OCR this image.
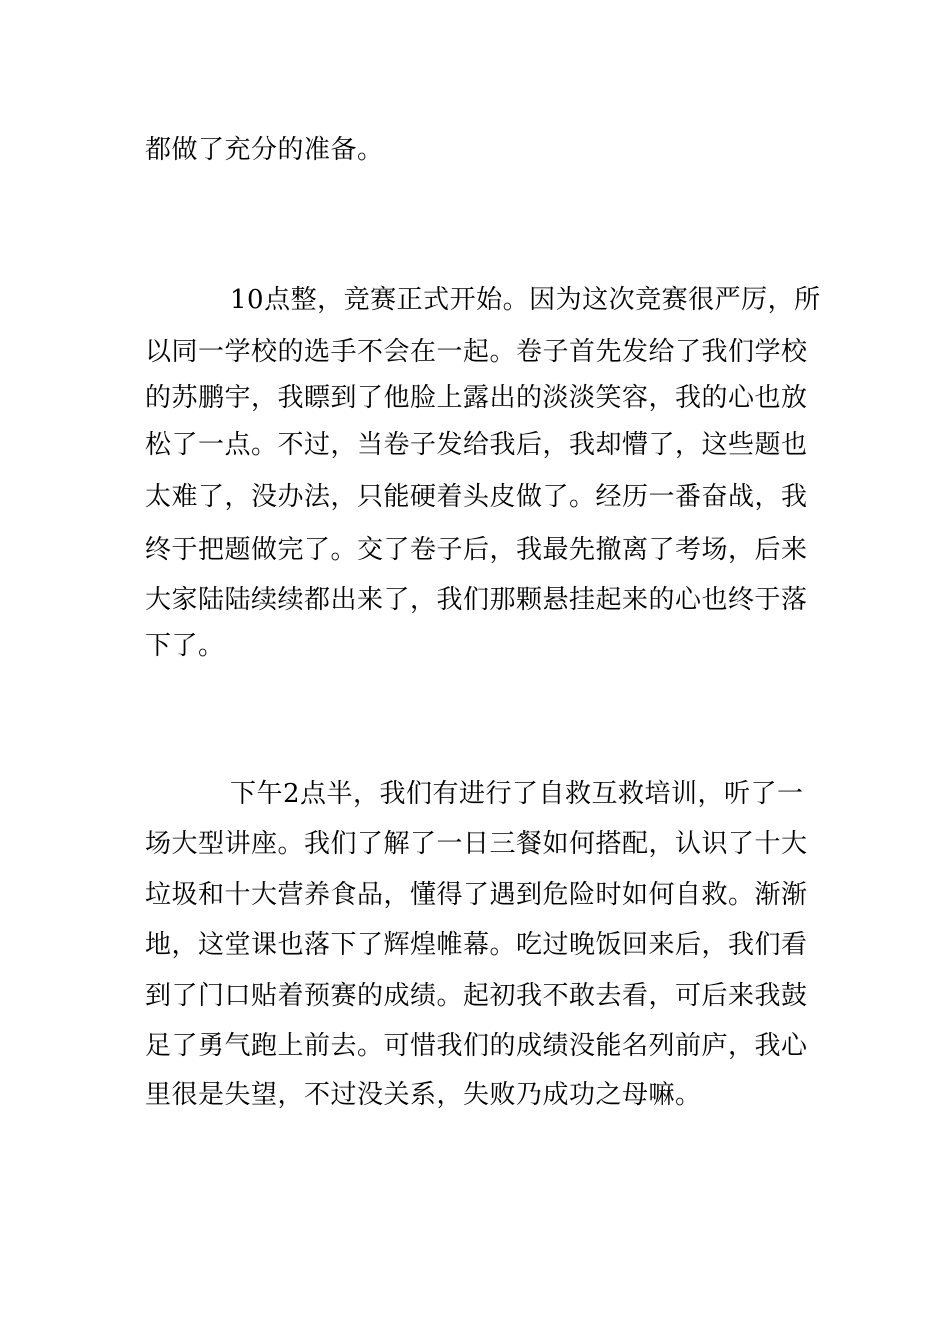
都做了充分的准备。

10点整，竞赛正式开始。因为这次竞赛很严厉，所

以同一学校的选手不会在一起。卷子首先发给了我们学校

的苏鹏宇，我瞟到了他脸上露出的淡淡笑容，我的心也放

松了一点。不过，当卷子发给我后，我却懵了，这些题也

太难了，没办法，只能硬着头皮做了。经历一番奋战，我

终于把题做完了。交了卷子后，我最先撤离了考场，后来

大家陆陆续续都出来了，我们那颗悬挂起来的心也终于落

下了。

下午2点半，我们有进行了自救互救培训，听了一

场大型讲座。我们了解了一日三餐如何搭配，认识了十大

垃圾和十大营养食品，懂得了遇到危险时如何自救。渐渐

地，这堂课也落下了辉煌帷幕。吃过晚饭回来后，我们看

到了门口贴着预赛的成绩。起初我不敢去看，可后来我鼓

足了勇气跑上前去。可惜我们的成绩没能名列前庐，我心

里很是失望，不过没关系，失败乃成功之母嘛。
